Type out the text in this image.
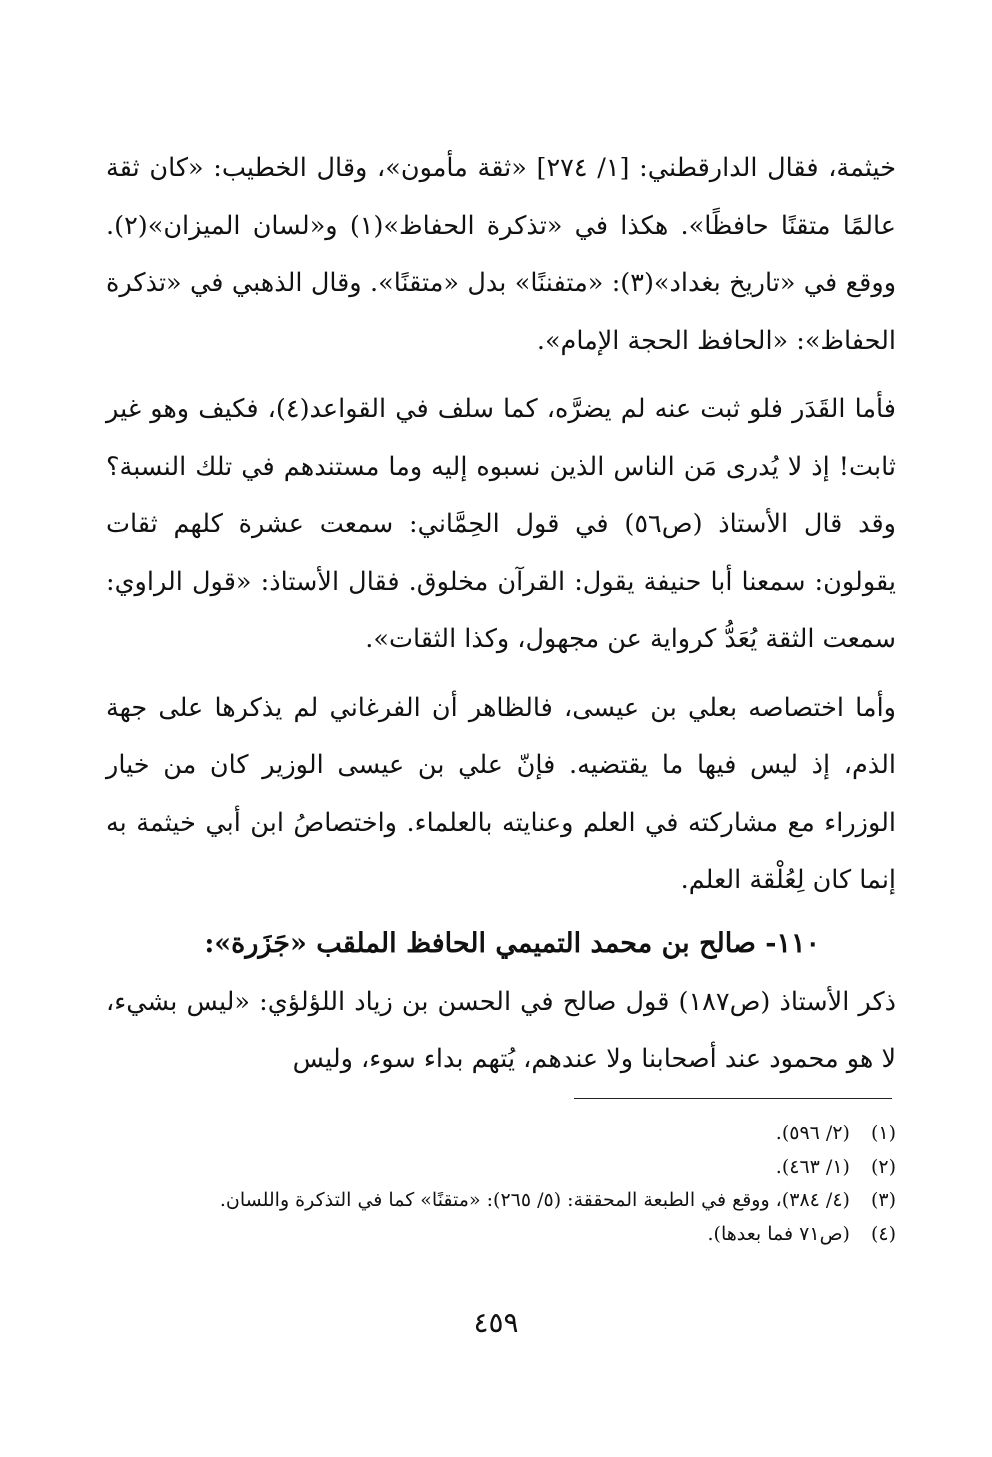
خيثمة، فقال الدارقطني: [١/ ٢٧٤] «ثقة مأمون»، وقال الخطيب: «كان ثقة عالمًا متقنًا حافظًا». هكذا في «تذكرة الحفاظ»(١) و«لسان الميزان»(٢). ووقع في «تاريخ بغداد»(٣): «متفننًا» بدل «متقنًا». وقال الذهبي في «تذكرة الحفاظ»: «الحافظ الحجة الإمام».

فأما القَدَر فلو ثبت عنه لم يضرَّه، كما سلف في القواعد(٤)، فكيف وهو غير ثابت! إذ لا يُدرى مَن الناس الذين نسبوه إليه وما مستندهم في تلك النسبة؟ وقد قال الأستاذ (ص٥٦) في قول الحِمَّاني: سمعت عشرة كلهم ثقات يقولون: سمعنا أبا حنيفة يقول: القرآن مخلوق. فقال الأستاذ: «قول الراوي: سمعت الثقة يُعَدُّ كرواية عن مجهول، وكذا الثقات».

وأما اختصاصه بعلي بن عيسى، فالظاهر أن الفرغاني لم يذكرها على جهة الذم، إذ ليس فيها ما يقتضيه. فإنّ علي بن عيسى الوزير كان من خيار الوزراء مع مشاركته في العلم وعنايته بالعلماء. واختصاصُ ابن أبي خيثمة به إنما كان لِعُلْقة العلم.

١١٠- صالح بن محمد التميمي الحافظ الملقب «جَزَرة»:

ذكر الأستاذ (ص١٨٧) قول صالح في الحسن بن زياد اللؤلؤي: «ليس بشيء، لا هو محمود عند أصحابنا ولا عندهم، يُتهم بداء سوء، وليس

(١) (٢/ ٥٩٦).

(٢) (١/ ٤٦٣).

(٣) (٤/ ٣٨٤)، ووقع في الطبعة المحققة: (٥/ ٢٦٥): «متقنًا» كما في التذكرة واللسان.

(٤) (ص٧١ فما بعدها).

٤٥٩
